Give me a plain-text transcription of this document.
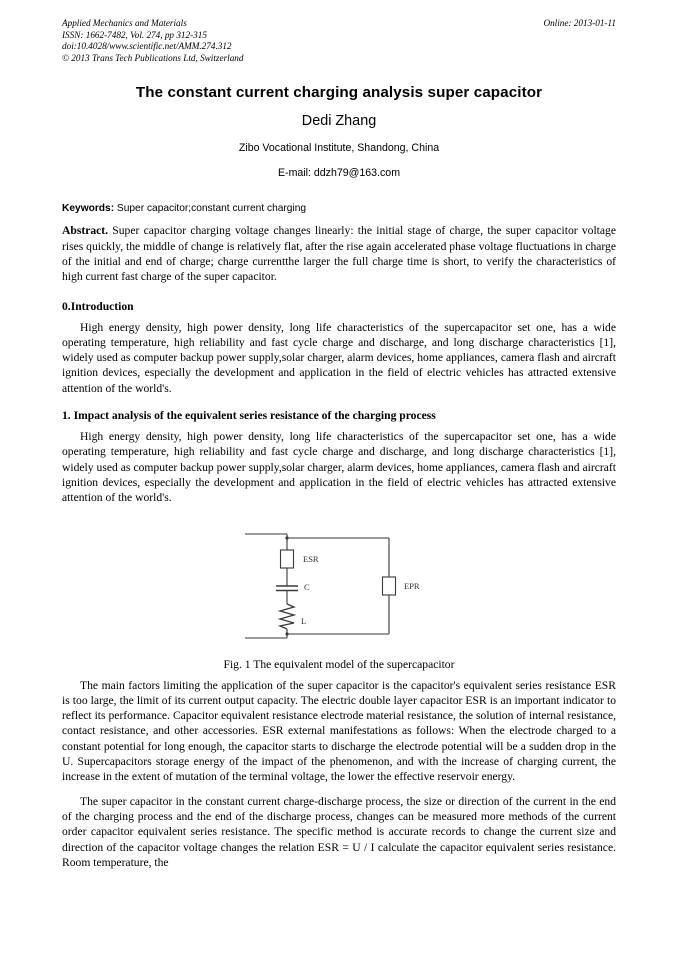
Applied Mechanics and Materials
ISSN: 1662-7482, Vol. 274, pp 312-315
doi:10.4028/www.scientific.net/AMM.274.312
© 2013 Trans Tech Publications Ltd, Switzerland
Online: 2013-01-11
The constant current charging analysis super capacitor
Dedi Zhang
Zibo Vocational Institute, Shandong, China
E-mail: ddzh79@163.com
Keywords: Super capacitor;constant current charging
Abstract. Super capacitor charging voltage changes linearly: the initial stage of charge, the super capacitor voltage rises quickly, the middle of change is relatively flat, after the rise again accelerated phase voltage fluctuations in charge of the initial and end of charge; charge currentthe larger the full charge time is short, to verify the characteristics of high current fast charge of the super capacitor.
0.Introduction

High energy density, high power density, long life characteristics of the supercapacitor set one, has a wide operating temperature, high reliability and fast cycle charge and discharge, and long discharge characteristics [1], widely used as computer backup power supply,solar charger, alarm devices, home appliances, camera flash and aircraft ignition devices, especially the development and application in the field of electric vehicles has attracted extensive attention of the world's.

1. Impact analysis of the equivalent series resistance of the charging process

High energy density, high power density, long life characteristics of the supercapacitor set one, has a wide operating temperature, high reliability and fast cycle charge and discharge, and long discharge characteristics [1], widely used as computer backup power supply,solar charger, alarm devices, home appliances, camera flash and aircraft ignition devices, especially the development and application in the field of electric vehicles has attracted extensive attention of the world's.

ESR
C
L
EPR
Fig. 1 The equivalent model of the supercapacitor

The main factors limiting the application of the super capacitor is the capacitor's equivalent series resistance ESR is too large, the limit of its current output capacity. The electric double layer capacitor ESR is an important indicator to reflect its performance. Capacitor equivalent resistance electrode material resistance, the solution of internal resistance, contact resistance, and other accessories. ESR external manifestations as follows: When the electrode charged to a constant potential for long enough, the capacitor starts to discharge the electrode potential will be a sudden drop in the U. Supercapacitors storage energy of the impact of the phenomenon, and with the increase of charging current, the increase in the extent of mutation of the terminal voltage, the lower the effective reservoir energy.

The super capacitor in the constant current charge-discharge process, the size or direction of the current in the end of the charging process and the end of the discharge process, changes can be measured more methods of the current order capacitor equivalent series resistance. The specific method is accurate records to change the current size and direction of the capacitor voltage changes the relation ESR = U / I calculate the capacitor equivalent series resistance. Room temperature, the
